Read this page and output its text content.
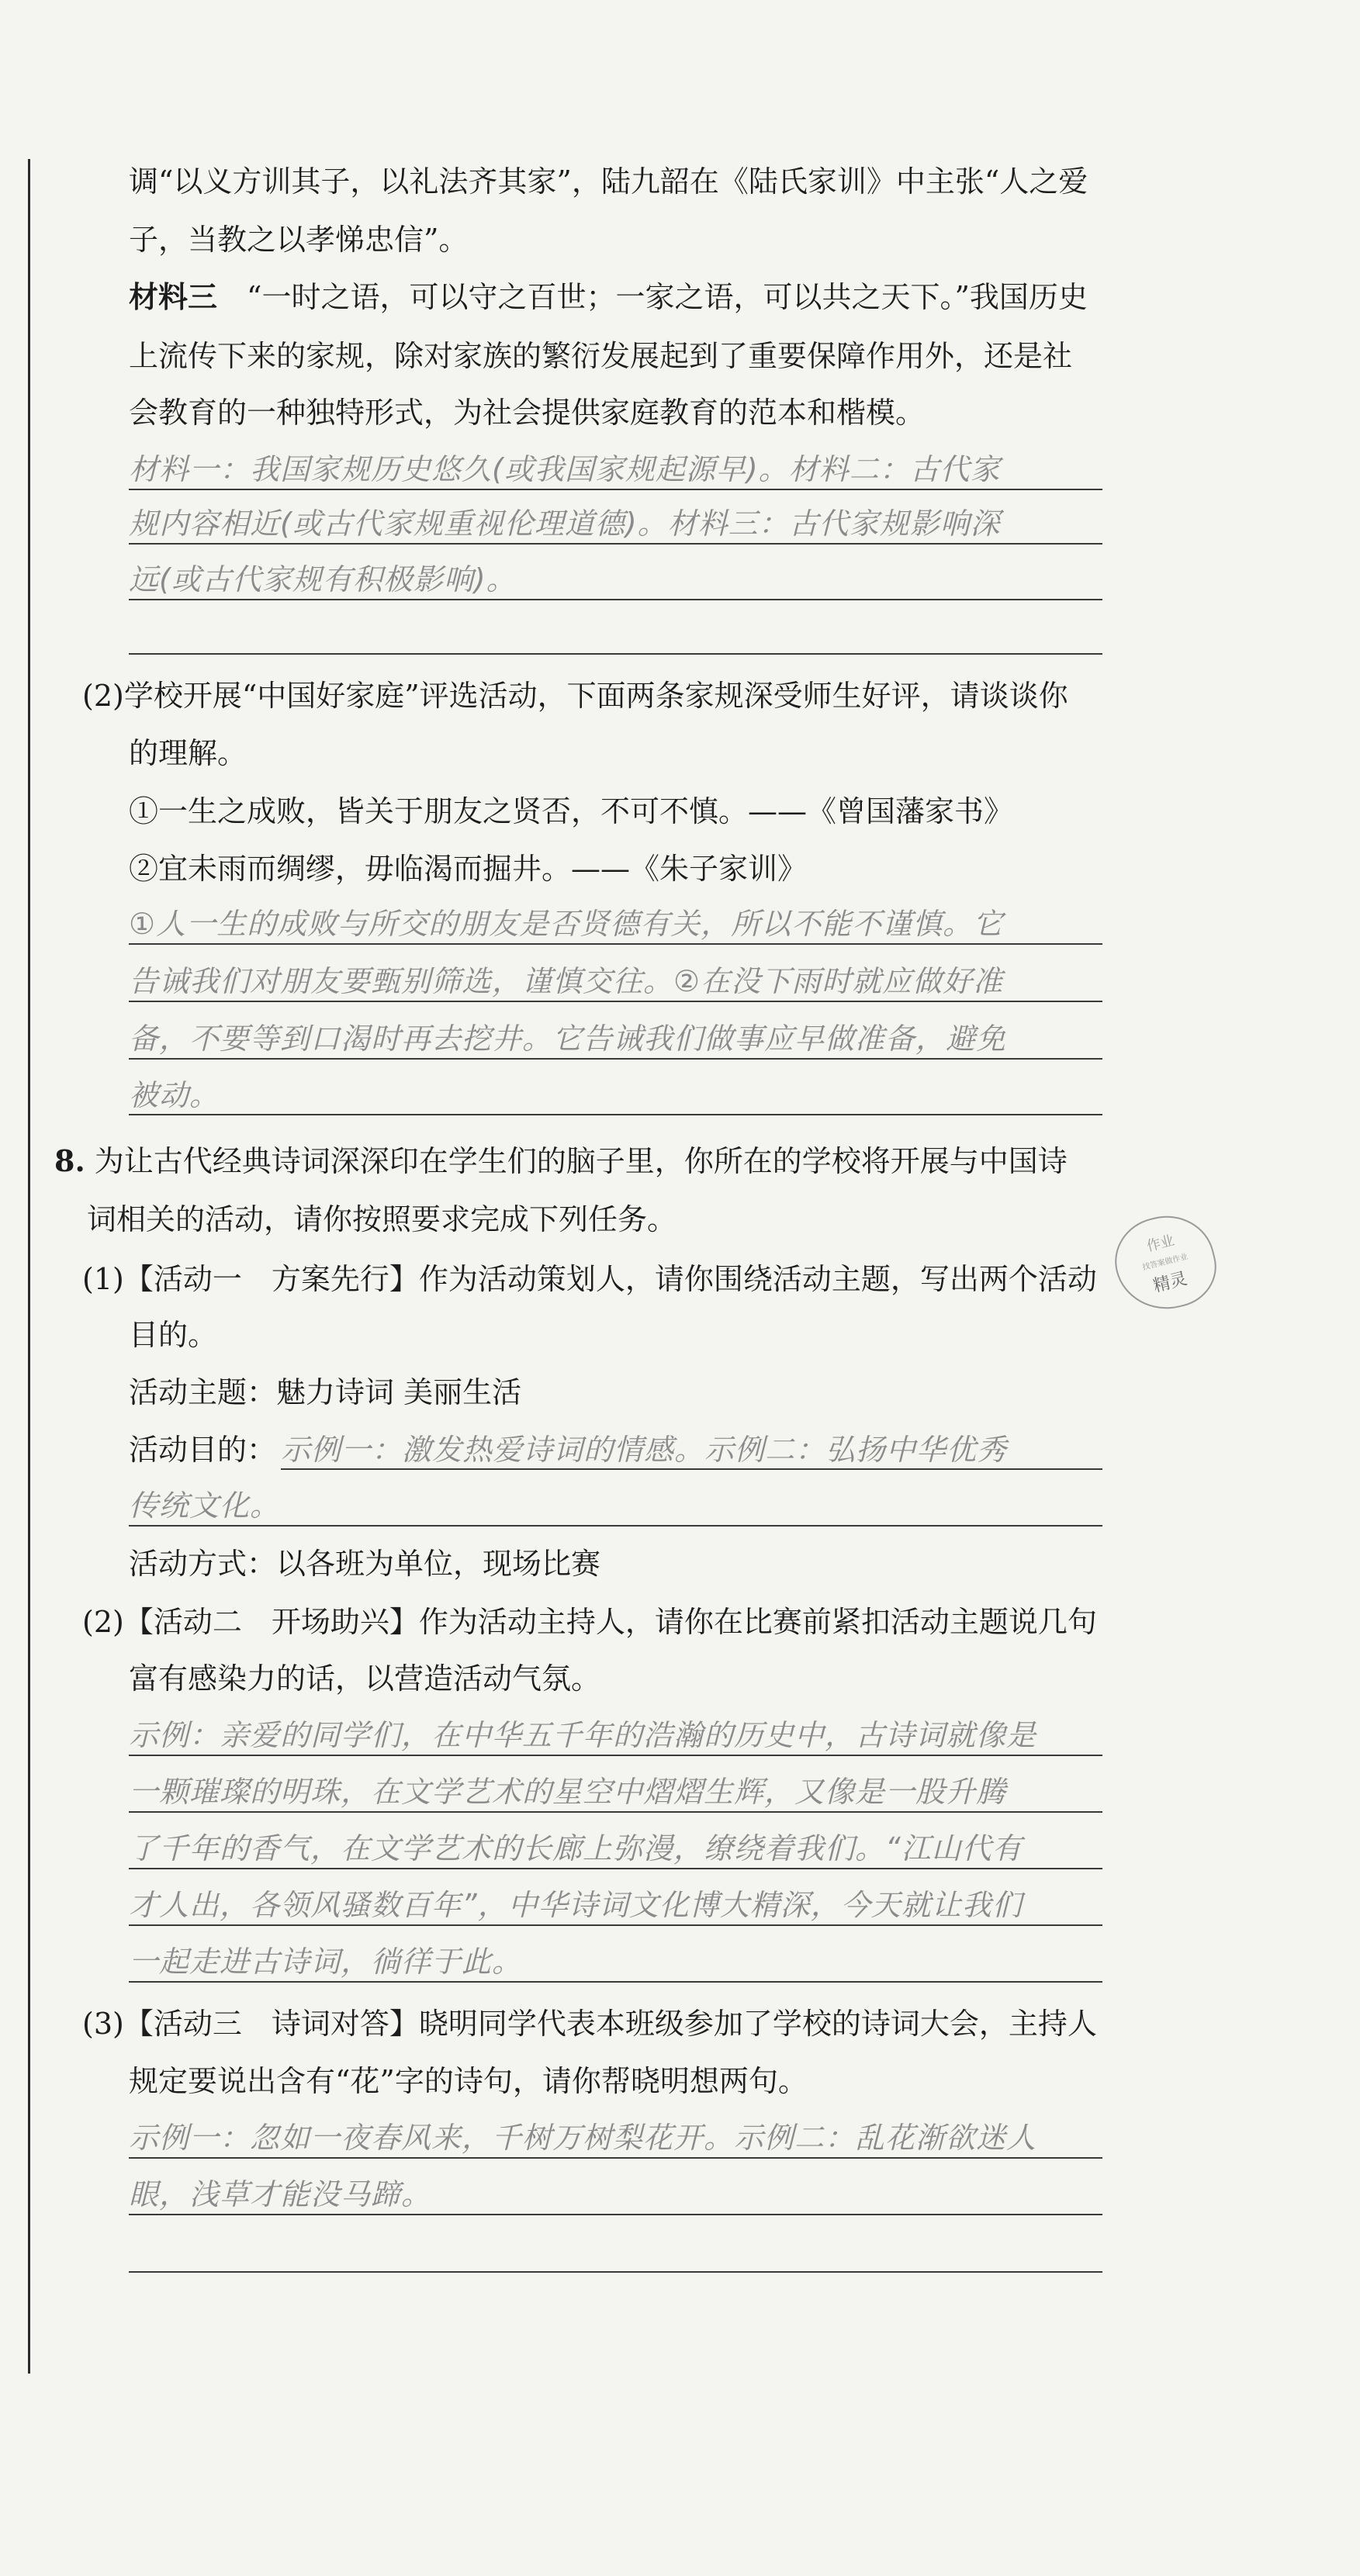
调“以义方训其子，以礼法齐其家”，陆九韶在《陆氏家训》中主张“人之爱
子，当教之以孝悌忠信”。
材料三　 “一时之语，可以守之百世；一家之语，可以共之天下。”我国历史
上流传下来的家规，除对家族的繁衍发展起到了重要保障作用外，还是社
会教育的一种独特形式，为社会提供家庭教育的范本和楷模。
材料一：我国家规历史悠久(或我国家规起源早)。材料二：古代家
规内容相近(或古代家规重视伦理道德)。材料三：古代家规影响深
远(或古代家规有积极影响)。
(2)学校开展“中国好家庭”评选活动，下面两条家规深受师生好评，请谈谈你
的理解。
①一生之成败，皆关于朋友之贤否，不可不慎。——《曾国藩家书》
②宜未雨而绸缪，毋临渴而掘井。——《朱子家训》
①人一生的成败与所交的朋友是否贤德有关，所以不能不谨慎。它
告诫我们对朋友要甄别筛选，谨慎交往。②在没下雨时就应做好准
备，不要等到口渴时再去挖井。它告诫我们做事应早做准备，避免
被动。
8. 为让古代经典诗词深深印在学生们的脑子里，你所在的学校将开展与中国诗
词相关的活动，请你按照要求完成下列任务。
作业
找答案做作业
精灵
(1)【活动一　方案先行】作为活动策划人，请你围绕活动主题，写出两个活动
目的。
活动主题：魅力诗词 美丽生活
活动目的： 示例一：激发热爱诗词的情感。示例二：弘扬中华优秀
传统文化。
活动方式：以各班为单位，现场比赛
(2)【活动二　开场助兴】作为活动主持人，请你在比赛前紧扣活动主题说几句
富有感染力的话，以营造活动气氛。
示例：亲爱的同学们，在中华五千年的浩瀚的历史中，古诗词就像是
一颗璀璨的明珠，在文学艺术的星空中熠熠生辉，又像是一股升腾
了千年的香气，在文学艺术的长廊上弥漫，缭绕着我们。“江山代有
才人出，各领风骚数百年”，中华诗词文化博大精深，今天就让我们
一起走进古诗词，徜徉于此。
(3)【活动三　诗词对答】晓明同学代表本班级参加了学校的诗词大会，主持人
规定要说出含有“花”字的诗句，请你帮晓明想两句。
示例一：忽如一夜春风来，千树万树梨花开。示例二：乱花渐欲迷人
眼，浅草才能没马蹄。
